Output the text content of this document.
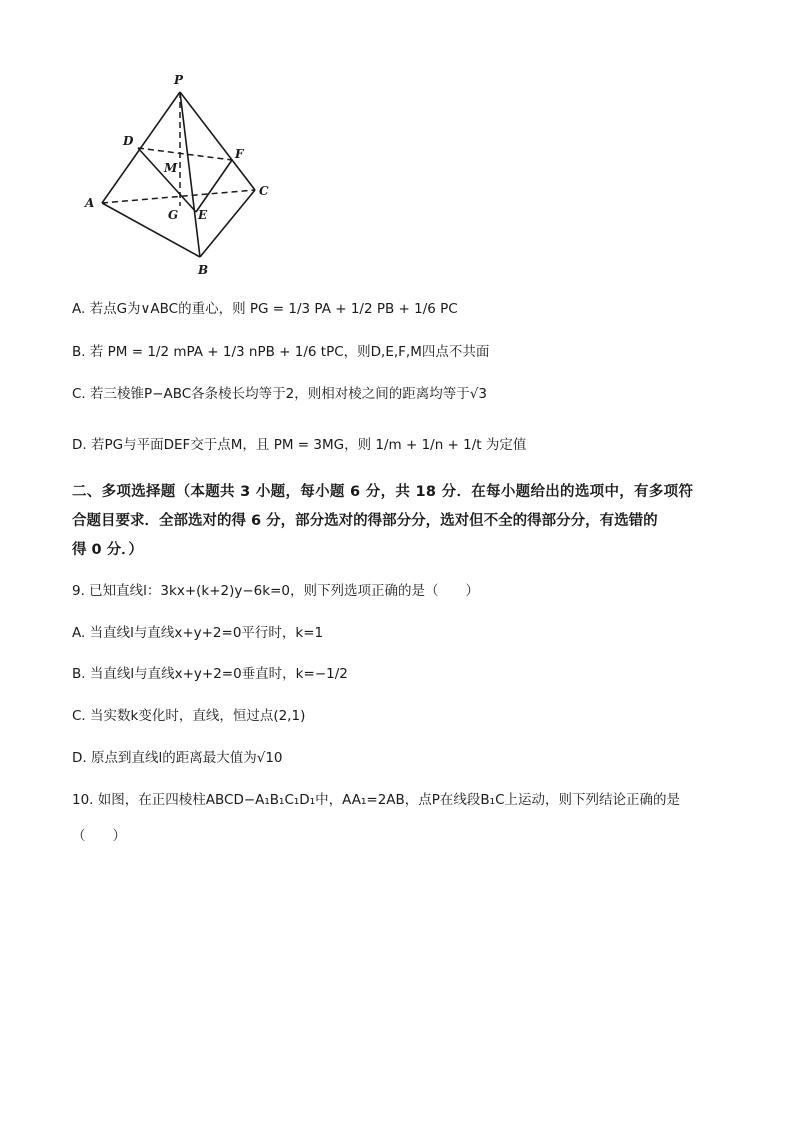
P
D
F
M
A
C
G E
B
A. 若点G为∨ABC的重心，则 PG = 1/3 PA + 1/2 PB + 1/6 PC
B. 若 PM = 1/2 mPA + 1/3 nPB + 1/6 tPC，则D,E,F,M四点不共面
C. 若三棱锥P−ABC各条棱长均等于2，则相对棱之间的距离均等于√3
D. 若PG与平面DEF交于点M，且 PM = 3MG，则 1/m + 1/n + 1/t 为定值
二、多项选择题（本题共 3 小题，每小题 6 分，共 18 分．在每小题给出的选项中，有多项符
合题目要求．全部选对的得 6 分，部分选对的得部分分，选对但不全的得部分分，有选错的
得 0 分．）
9. 已知直线l：3kx+(k+2)y−6k=0，则下列选项正确的是（　　）
A. 当直线l与直线x+y+2=0平行时，k=1
B. 当直线l与直线x+y+2=0垂直时，k=−1/2
C. 当实数k变化时，直线，恒过点(2,1)
D. 原点到直线l的距离最大值为√10
10. 如图，在正四棱柱ABCD−A₁B₁C₁D₁中，AA₁=2AB，点P在线段B₁C上运动，则下列结论正确的是
（　　）
